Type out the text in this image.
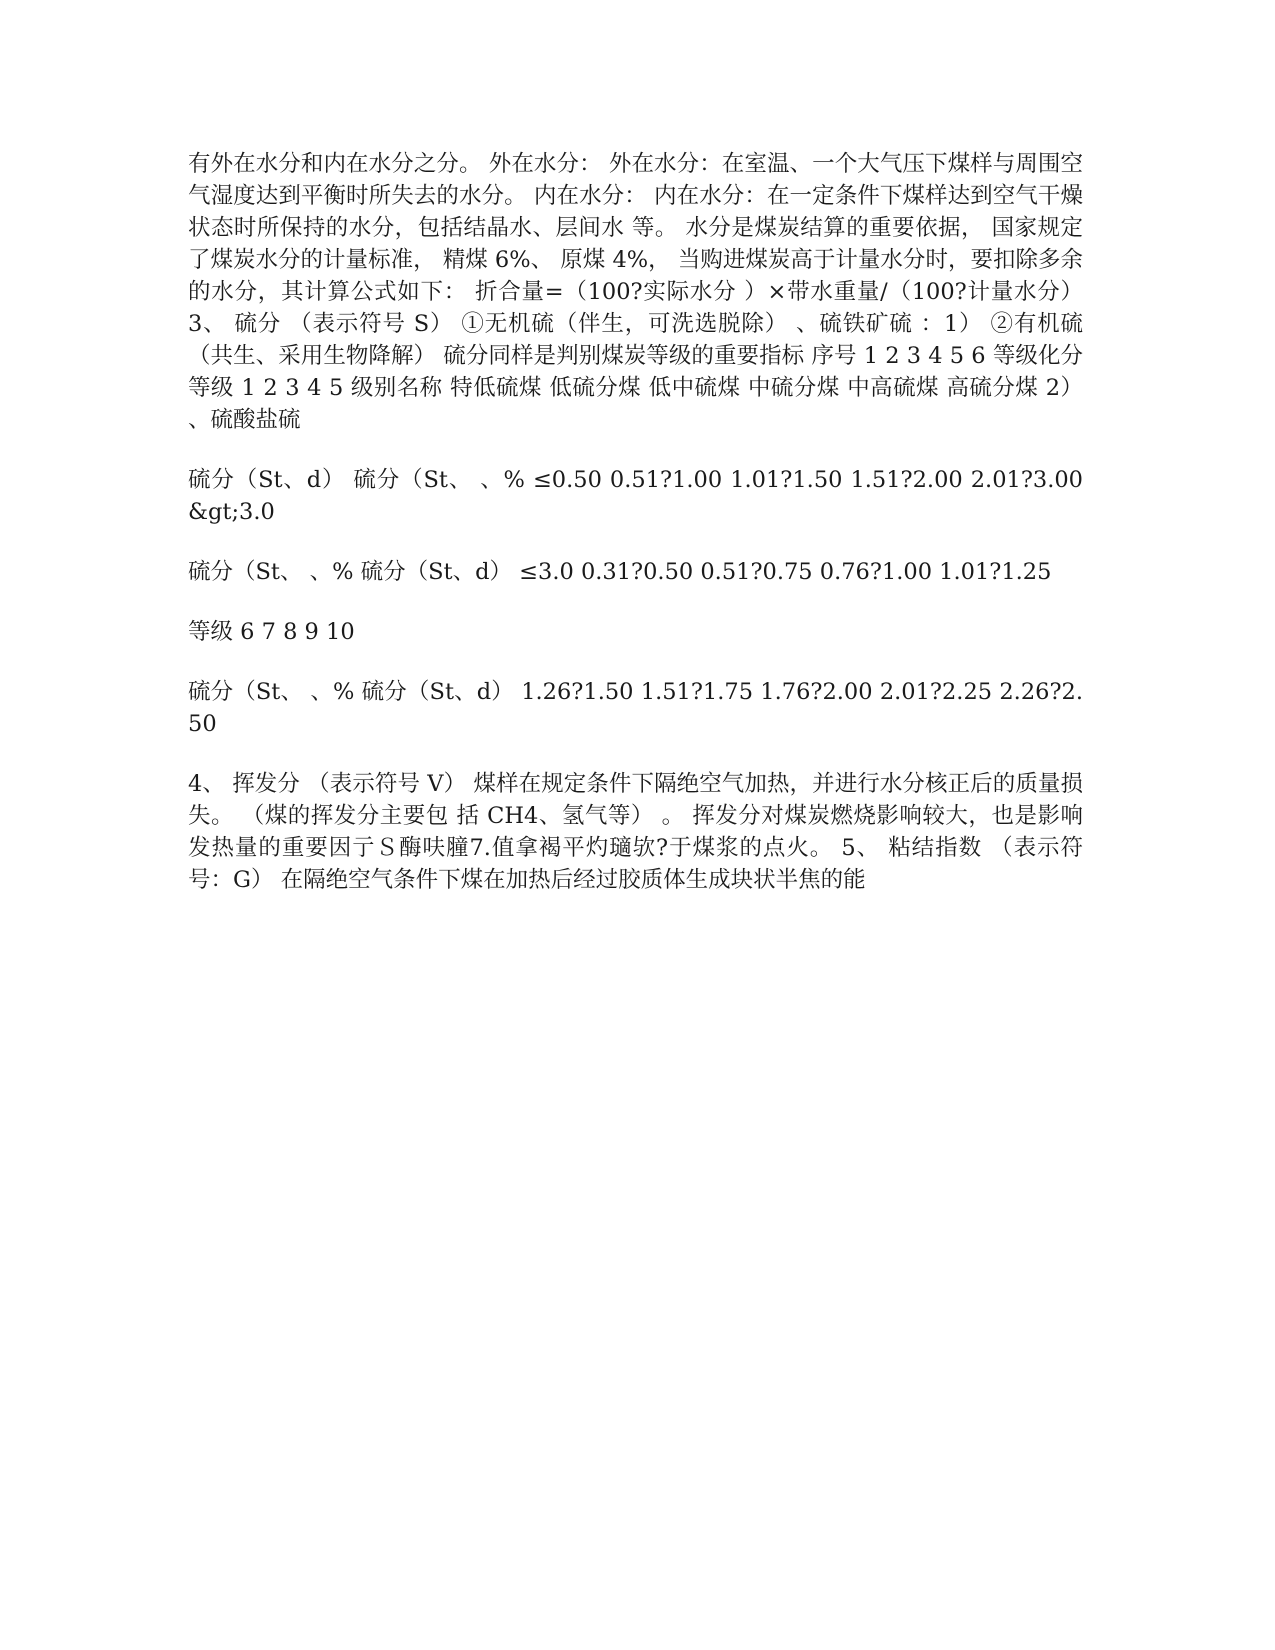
有外在水分和内在水分之分。 外在水分： 外在水分：在室温、一个大气压下煤样与周围空气湿度达到平衡时所失去的水分。 内在水分： 内在水分：在一定条件下煤样达到空气干燥状态时所保持的水分，包括结晶水、层间水 等。 水分是煤炭结算的重要依据， 国家规定了煤炭水分的计量标准， 精煤 6%、 原煤 4%， 当购进煤炭高于计量水分时，要扣除多余的水分，其计算公式如下： 折合量=（100?实际水分 ）×带水重量/（100?计量水分） 3、 硫分 （表示符号 S） ①无机硫（伴生，可洗选脱除） 、硫铁矿硫 ：1） ②有机硫（共生、采用生物降解） 硫分同样是判别煤炭等级的重要指标 序号 1 2 3 4 5 6 等级化分 等级 1 2 3 4 5 级别名称 特低硫煤 低硫分煤 低中硫煤 中硫分煤 中高硫煤 高硫分煤 2） 、硫酸盐硫

硫分（St、d） 硫分（St、 、% ≤0.50 0.51?1.00 1.01?1.50 1.51?2.00 2.01?3.00 &gt;3.0

硫分（St、 、% 硫分（St、d） ≤3.0 0.31?0.50 0.51?0.75 0.76?1.00 1.01?1.25

等级 6 7 8 9 10

硫分（St、 、% 硫分（St、d） 1.26?1.50 1.51?1.75 1.76?2.00 2.01?2.25 2.26?2.50

4、 挥发分 （表示符号 V） 煤样在规定条件下隔绝空气加热，并进行水分核正后的质量损失。 （煤的挥发分主要包 括 CH4、氢气等） 。 挥发分对煤炭燃烧影响较大，也是影响发热量的重要因亍Ｓ酶呋膧7.值拿褐平灼瓋欤?于煤浆的点火。 5、 粘结指数 （表示符号：G） 在隔绝空气条件下煤在加热后经过胶质体生成块状半焦的能
